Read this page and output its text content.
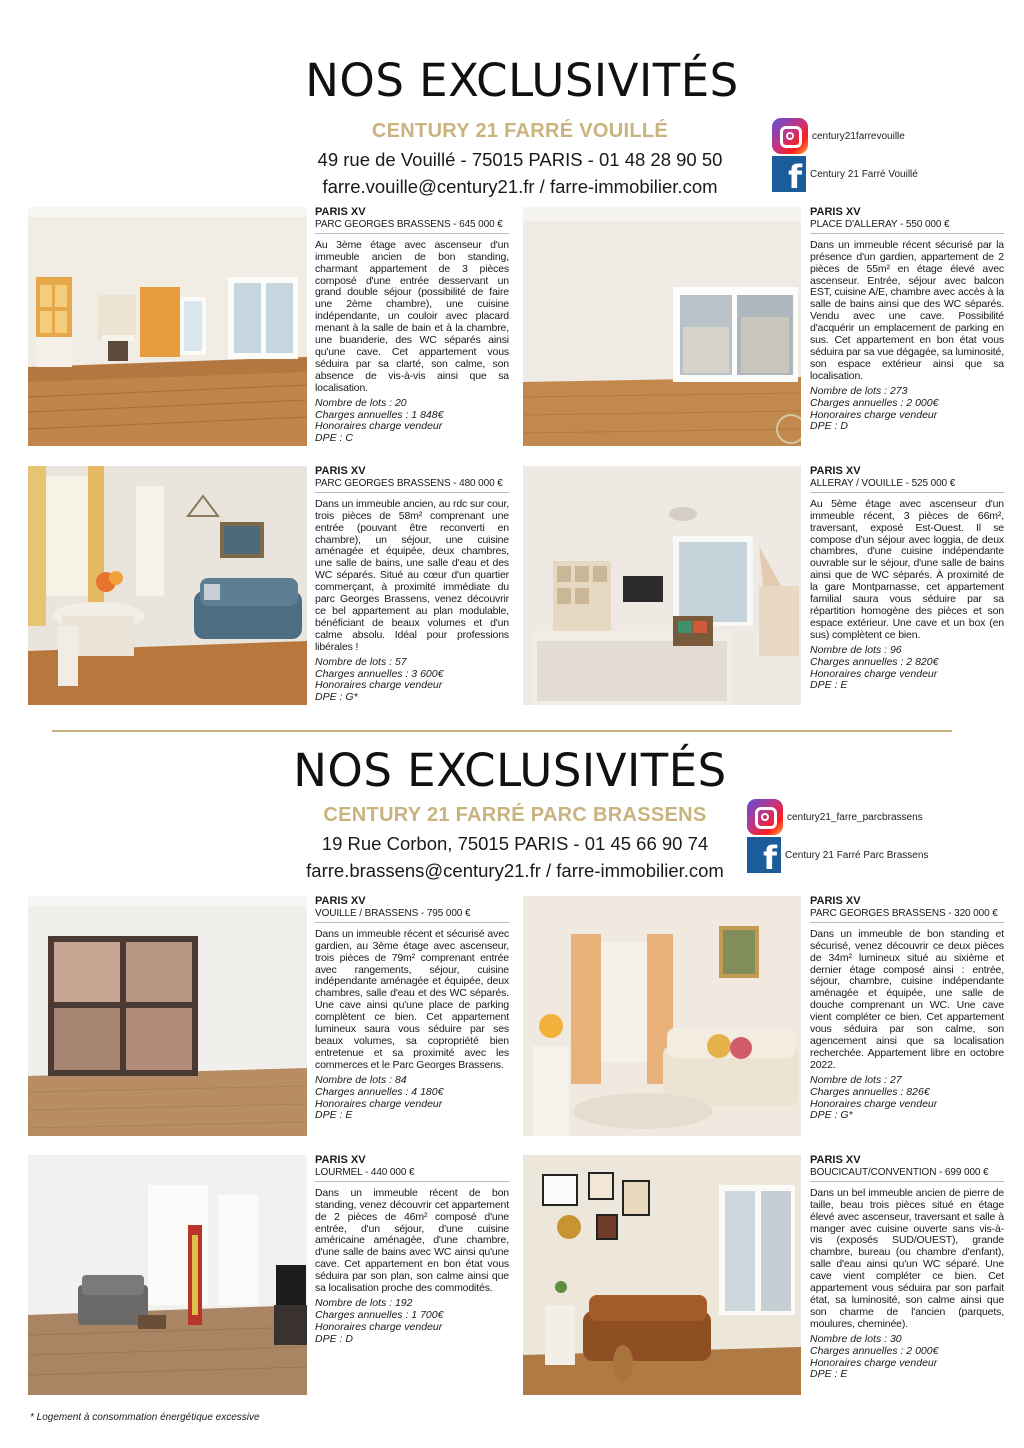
NOS EXCLUSIVITÉS
CENTURY 21 FARRÉ VOUILLÉ
49 rue de Vouillé - 75015 PARIS - 01 48 28 90 50
farre.vouille@century21.fr / farre-immobilier.com
century21farrevouille
f Century 21 Farré Vouillé
PARIS XV
PARC GEORGES BRASSENS - 645 000 €
Au 3ème étage avec ascenseur d'un immeuble ancien de bon standing, charmant appartement de 3 pièces composé d'une entrée desservant un grand double séjour (possibilité de faire une 2ème chambre), une cuisine indépendante, un couloir avec placard menant à la salle de bain et à la chambre, une buanderie, des WC séparés ainsi qu'une cave. Cet appartement vous séduira par sa clarté, son calme, son absence de vis-à-vis ainsi que sa localisation.
Nombre de lots : 20
Charges annuelles : 1 848€
Honoraires charge vendeur
DPE : C
PARIS XV
PLACE D'ALLERAY - 550 000 €
Dans un immeuble récent sécurisé par la présence d'un gardien, appartement de 2 pièces de 55m² en étage élevé avec ascenseur. Entrée, séjour avec balcon EST, cuisine A/E, chambre avec accès à la salle de bains ainsi que des WC séparés. Vendu avec une cave. Possibilité d'acquérir un emplacement de parking en sus. Cet appartement en bon état vous séduira par sa vue dégagée, sa luminosité, son espace extérieur ainsi que sa localisation.
Nombre de lots : 273
Charges annuelles : 2 000€
Honoraires charge vendeur
DPE : D
PARIS XV
PARC GEORGES BRASSENS - 480 000 €
Dans un immeuble ancien, au rdc sur cour, trois pièces de 58m² comprenant une entrée (pouvant être reconverti en chambre), un séjour, une cuisine aménagée et équipée, deux chambres, une salle de bains, une salle d'eau et des WC séparés. Situé au cœur d'un quartier commerçant, à proximité immédiate du parc Georges Brassens, venez découvrir ce bel appartement au plan modulable, bénéficiant de beaux volumes et d'un calme absolu. Idéal pour professions libérales !
Nombre de lots : 57
Charges annuelles : 3 600€
Honoraires charge vendeur
DPE : G*
PARIS XV
ALLERAY / VOUILLE - 525 000 €
Au 5ème étage avec ascenseur d'un immeuble récent, 3 pièces de 66m², traversant, exposé Est-Ouest. Il se compose d'un séjour avec loggia, de deux chambres, d'une cuisine indépendante ouvrable sur le séjour, d'une salle de bains ainsi que de WC séparés. À proximité de la gare Montparnasse, cet appartement familial saura vous séduire par sa répartition homogène des pièces et son espace extérieur. Une cave et un box (en sus) complètent ce bien.
Nombre de lots : 96
Charges annuelles : 2 820€
Honoraires charge vendeur
DPE : E
NOS EXCLUSIVITÉS
CENTURY 21 FARRÉ PARC BRASSENS
19 Rue Corbon, 75015 PARIS - 01 45 66 90 74
farre.brassens@century21.fr / farre-immobilier.com
century21_farre_parcbrassens
f Century 21 Farré Parc Brassens
PARIS XV
VOUILLE / BRASSENS - 795 000 €
Dans un immeuble récent et sécurisé avec gardien, au 3ème étage avec ascenseur, trois pièces de 79m² comprenant entrée avec rangements, séjour, cuisine indépendante aménagée et équipée, deux chambres, salle d'eau et des WC séparés. Une cave ainsi qu'une place de parking complètent ce bien. Cet appartement lumineux saura vous séduire par ses beaux volumes, sa copropriété bien entretenue et sa proximité avec les commerces et le Parc Georges Brassens.
Nombre de lots : 84
Charges annuelles : 4 180€
Honoraires charge vendeur
DPE : E
PARIS XV
PARC GEORGES BRASSENS - 320 000 €
Dans un immeuble de bon standing et sécurisé, venez découvrir ce deux pièces de 34m² lumineux situé au sixième et dernier étage composé ainsi : entrée, séjour, chambre, cuisine indépendante aménagée et équipée, une salle de douche comprenant un WC. Une cave vient compléter ce bien. Cet appartement vous séduira par son calme, son agencement ainsi que sa localisation recherchée. Appartement libre en octobre 2022.
Nombre de lots : 27
Charges annuelles : 826€
Honoraires charge vendeur
DPE : G*
PARIS XV
LOURMEL - 440 000 €
Dans un immeuble récent de bon standing, venez découvrir cet appartement de 2 pièces de 46m² composé d'une entrée, d'un séjour, d'une cuisine américaine aménagée, d'une chambre, d'une salle de bains avec WC ainsi qu'une cave. Cet appartement en bon état vous séduira par son plan, son calme ainsi que sa localisation proche des commodités.
Nombre de lots : 192
Charges annuelles : 1 700€
Honoraires charge vendeur
DPE : D
PARIS XV
BOUCICAUT/CONVENTION - 699 000 €
Dans un bel immeuble ancien de pierre de taille, beau trois pièces situé en étage élevé avec ascenseur, traversant et salle à manger avec cuisine ouverte sans vis-à-vis (exposés SUD/OUEST), grande chambre, bureau (ou chambre d'enfant), salle d'eau ainsi qu'un WC séparé. Une cave vient compléter ce bien. Cet appartement vous séduira par son parfait état, sa luminosité, son calme ainsi que son charme de l'ancien (parquets, moulures, cheminée).
Nombre de lots : 30
Charges annuelles : 2 000€
Honoraires charge vendeur
DPE : E
* Logement à consommation énergétique excessive
